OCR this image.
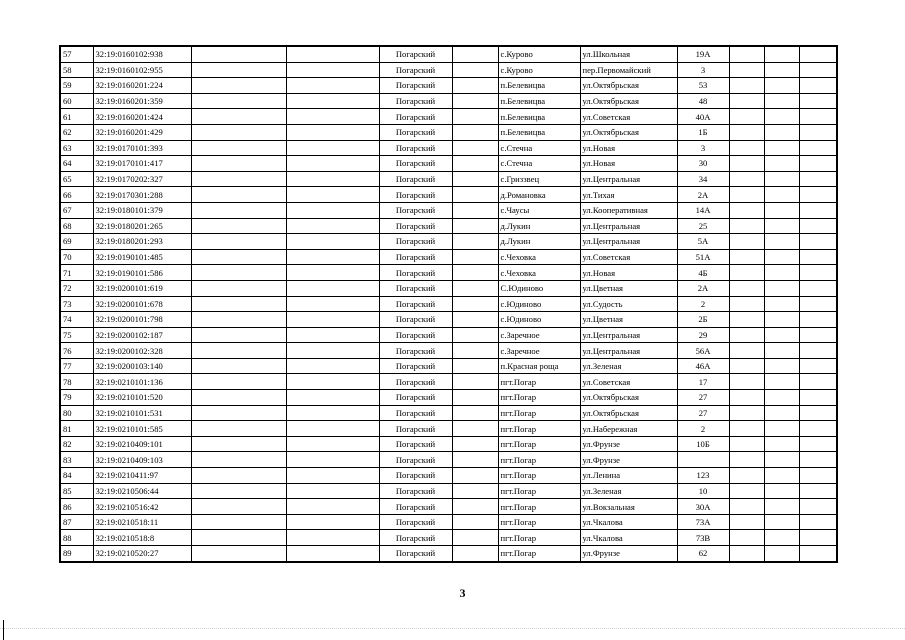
57	32:19:0160102:938			Погарский		с.Курово	ул.Школьная	19А			
58	32:19:0160102:955			Погарский		с.Курово	пер.Первомайский	3			
59	32:19:0160201:224			Погарский		п.Белевицва	ул.Октябрьская	53			
60	32:19:0160201:359			Погарский		п.Белевицва	ул.Октябрьская	48			
61	32:19:0160201:424			Погарский		п.Белевицва	ул.Советская	40А			
62	32:19:0160201:429			Погарский		п.Белевицва	ул.Октябрьская	1Б			
63	32:19:0170101:393			Погарский		с.Стечна	ул.Новая	3			
64	32:19:0170101:417			Погарский		с.Стечна	ул.Новая	30			
65	32:19:0170202:327			Погарский		с.Гриззвец	ул.Центральная	34			
66	32:19:0170301:288			Погарский		д.Романовка	ул.Тихая	2А			
67	32:19:0180101:379			Погарский		с.Чаусы	ул.Кооперативная	14А			
68	32:19:0180201:265			Погарский		д.Лукин	ул.Центральная	25			
69	32:19:0180201:293			Погарский		д.Лукин	ул.Центральная	5А			
70	32:19:0190101:485			Погарский		с.Чеховка	ул.Советская	51А			
71	32:19:0190101:586			Погарский		с.Чеховка	ул.Новая	4Б			
72	32:19:0200101:619			Погарский		С.Юдиново	ул.Цветная	2А			
73	32:19:0200101:678			Погарский		с.Юдиново	ул.Судость	2			
74	32:19:0200101:798			Погарский		с.Юдиново	ул.Цветная	2Б			
75	32:19:0200102:187			Погарский		с.Заречное	ул.Центральная	29			
76	32:19:0200102:328			Погарский		с.Заречное	ул.Центральная	56А			
77	32:19:0200103:140			Погарский		п.Красная роща	ул.Зеленая	46А			
78	32:19:0210101:136			Погарский		пгт.Погар	ул.Советская	17			
79	32:19:0210101:520			Погарский		пгт.Погар	ул.Октябрьская	27			
80	32:19:0210101:531			Погарский		пгт.Погар	ул.Октябрьская	27			
81	32:19:0210101:585			Погарский		пгт.Погар	ул.Набережная	2			
82	32:19:0210409:101			Погарский		пгт.Погар	ул.Фрунзе	10Б			
83	32:19:0210409:103			Погарский		пгт.Погар	ул.Фрунзе				
84	32:19:0210411:97			Погарский		пгт.Погар	ул.Ленина	123			
85	32:19:0210506:44			Погарский		пгт.Погар	ул.Зеленая	10			
86	32:19:0210516:42			Погарский		пгт.Погар	ул.Вокзальная	30А			
87	32:19:0210518:11			Погарский		пгт.Погар	ул.Чкалова	73А			
88	32:19:0210518:8			Погарский		пгт.Погар	ул.Чкалова	73В			
89	32:19:0210520:27			Погарский		пгт.Погар	ул.Фрунзе	62			
3
